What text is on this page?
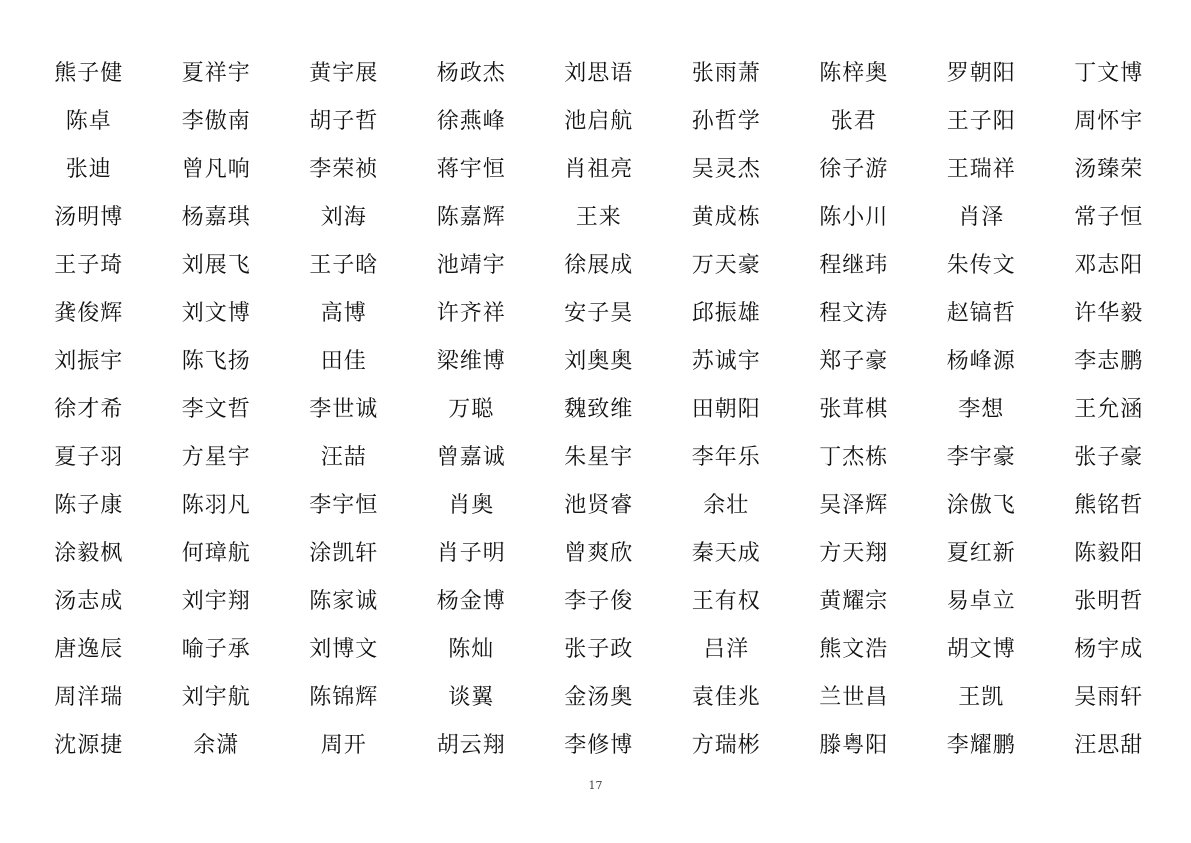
熊子健	夏祥宇	黄宇展	杨政杰	刘思语	张雨萧	陈梓奥	罗朝阳	丁文博
陈卓	李傲南	胡子哲	徐燕峰	池启航	孙哲学	张君	王子阳	周怀宇
张迪	曾凡响	李荣祯	蒋宇恒	肖祖亮	吴灵杰	徐子游	王瑞祥	汤臻荣
汤明博	杨嘉琪	刘海	陈嘉辉	王来	黄成栋	陈小川	肖泽	常子恒
王子琦	刘展飞	王子晗	池靖宇	徐展成	万天豪	程继玮	朱传文	邓志阳
龚俊辉	刘文博	高博	许齐祥	安子昊	邱振雄	程文涛	赵镐哲	许华毅
刘振宇	陈飞扬	田佳	梁维博	刘奥奥	苏诚宇	郑子豪	杨峰源	李志鹏
徐才希	李文哲	李世诚	万聪	魏致维	田朝阳	张茸棋	李想	王允涵
夏子羽	方星宇	汪喆	曾嘉诚	朱星宇	李年乐	丁杰栋	李宇豪	张子豪
陈子康	陈羽凡	李宇恒	肖奥	池贤睿	余壮	吴泽辉	涂傲飞	熊铭哲
涂毅枫	何璋航	涂凯轩	肖子明	曾爽欣	秦天成	方天翔	夏红新	陈毅阳
汤志成	刘宇翔	陈家诚	杨金博	李子俊	王有权	黄耀宗	易卓立	张明哲
唐逸辰	喻子承	刘博文	陈灿	张子政	吕洋	熊文浩	胡文博	杨宇成
周洋瑞	刘宇航	陈锦辉	谈翼	金汤奥	袁佳兆	兰世昌	王凯	吴雨轩
沈源捷	余潇	周开	胡云翔	李修博	方瑞彬	滕粤阳	李耀鹏	汪思甜
17
